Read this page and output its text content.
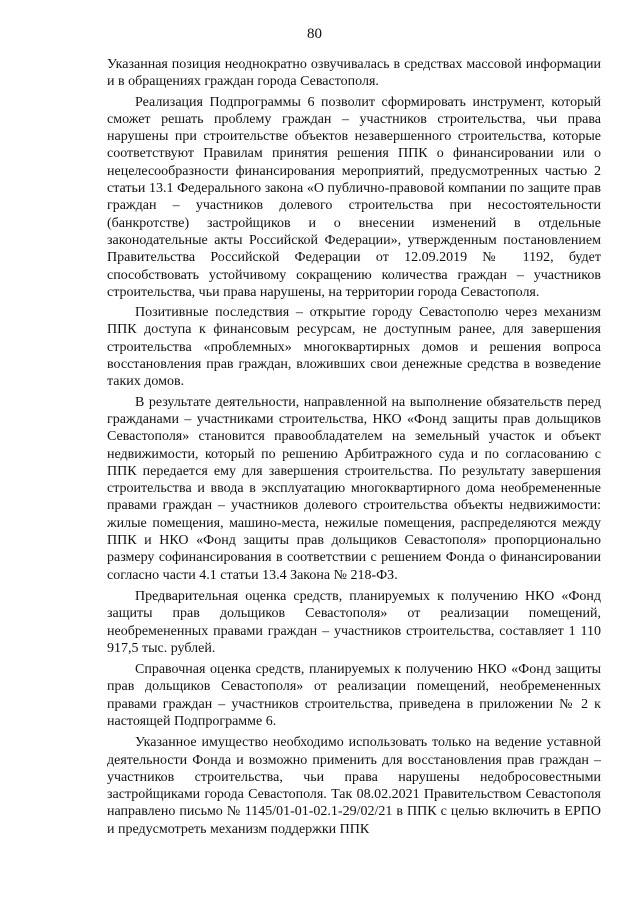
80

Указанная позиция неоднократно озвучивалась в средствах массовой информации и в обращениях граждан города Севастополя.

Реализация Подпрограммы 6 позволит сформировать инструмент, который сможет решать проблему граждан – участников строительства, чьи права нарушены при строительстве объектов незавершенного строительства, которые соответствуют Правилам принятия решения ППК о финансировании или о нецелесообразности финансирования мероприятий, предусмотренных частью 2 статьи 13.1 Федерального закона «О публично-правовой компании по защите прав граждан – участников долевого строительства при несостоятельности (банкротстве) застройщиков и о внесении изменений в отдельные законодательные акты Российской Федерации», утвержденным постановлением Правительства Российской Федерации от 12.09.2019 № 1192, будет способствовать устойчивому сокращению количества граждан – участников строительства, чьи права нарушены, на территории города Севастополя.

Позитивные последствия – открытие городу Севастополю через механизм ППК доступа к финансовым ресурсам, не доступным ранее, для завершения строительства «проблемных» многоквартирных домов и решения вопроса восстановления прав граждан, вложивших свои денежные средства в возведение таких домов.

В результате деятельности, направленной на выполнение обязательств перед гражданами – участниками строительства, НКО «Фонд защиты прав дольщиков Севастополя» становится правообладателем на земельный участок и объект недвижимости, который по решению Арбитражного суда и по согласованию с ППК передается ему для завершения строительства. По результату завершения строительства и ввода в эксплуатацию многоквартирного дома необремененные правами граждан – участников долевого строительства объекты недвижимости: жилые помещения, машино-места, нежилые помещения, распределяются между ППК и НКО «Фонд защиты прав дольщиков Севастополя» пропорционально размеру софинансирования в соответствии с решением Фонда о финансировании согласно части 4.1 статьи 13.4 Закона № 218-ФЗ.

Предварительная оценка средств, планируемых к получению НКО «Фонд защиты прав дольщиков Севастополя» от реализации помещений, необремененных правами граждан – участников строительства, составляет 1 110 917,5 тыс. рублей.

Справочная оценка средств, планируемых к получению НКО «Фонд защиты прав дольщиков Севастополя» от реализации помещений, необремененных правами граждан – участников строительства, приведена в приложении № 2 к настоящей Подпрограмме 6.

Указанное имущество необходимо использовать только на ведение уставной деятельности Фонда и возможно применить для восстановления прав граждан – участников строительства, чьи права нарушены недобросовестными застройщиками города Севастополя. Так 08.02.2021 Правительством Севастополя направлено письмо № 1145/01-01-02.1-29/02/21 в ППК с целью включить в ЕРПО и предусмотреть механизм поддержки ППК
